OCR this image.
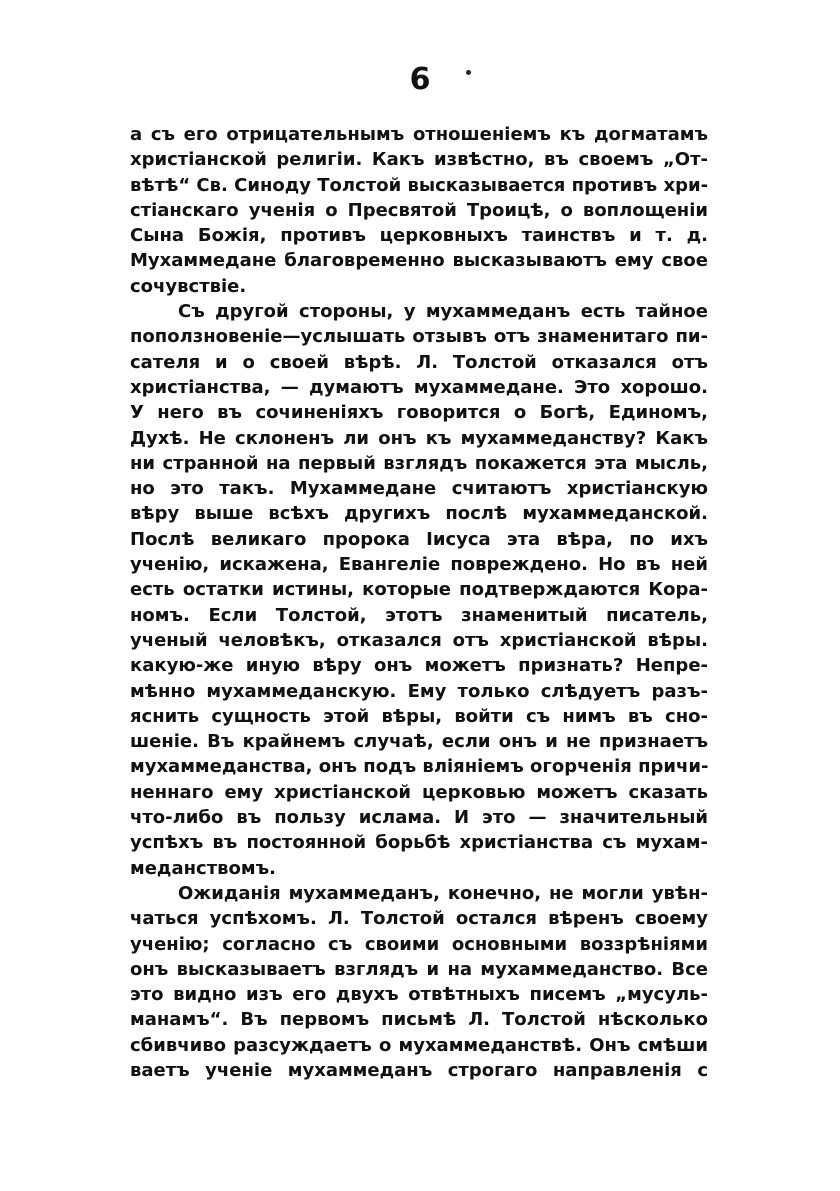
6
а съ его отрицательнымъ отношенiемъ къ догматамъ
христiанской религiи. Какъ извѣстно, въ своемъ „От-
вѣтѣ“ Св. Синоду Толстой высказывается противъ хри-
стiанскаго ученiя о Пресвятой Троицѣ, о воплощенiи
Сына Божiя, противъ церковныхъ таинствъ и т. д.
Мухаммедане благовременно высказываютъ ему свое
сочувствiе.
Съ другой стороны, у мухаммеданъ есть тайное
поползновенiе—услышать отзывъ отъ знаменитаго пи-
сателя и о своей вѣрѣ. Л. Толстой отказался отъ
христiанства, — думаютъ мухаммедане. Это хорошо.
У него въ сочиненiяхъ говорится о Богѣ, Единомъ,
Духѣ. Не склоненъ ли онъ къ мухаммеданству? Какъ
ни странной на первый взглядъ покажется эта мысль,
но это такъ. Мухаммедане считаютъ христiанскую
вѣру выше всѣхъ другихъ послѣ мухаммеданской.
Послѣ великаго пророка Iисуса эта вѣра, по ихъ
ученiю, искажена, Евангелiе повреждено. Но въ ней
есть остатки истины, которые подтверждаются Кора-
номъ. Если Толстой, этотъ знаменитый писатель,
ученый человѣкъ, отказался отъ христiанской вѣры.
какую-же иную вѣру онъ можетъ признать? Непре-
мѣнно мухаммеданскую. Ему только слѣдуетъ разъ-
яснить сущность этой вѣры, войти съ нимъ въ сно-
шенiе. Въ крайнемъ случаѣ, если онъ и не признаетъ
мухаммеданства, онъ подъ влiянiемъ огорченiя причи-
неннаго ему христiанской церковью можетъ сказать
что-либо въ пользу ислама. И это — значительный
успѣхъ въ постоянной борьбѣ христiанства съ мухам-
меданствомъ.
Ожиданiя мухаммеданъ, конечно, не могли увѣн-
чаться успѣхомъ. Л. Толстой остался вѣренъ своему
ученiю; согласно съ своими основными воззрѣнiями
онъ высказываетъ взглядъ и на мухаммеданство. Все
это видно изъ его двухъ отвѣтныхъ писемъ „мусуль-
манамъ“. Въ первомъ письмѣ Л. Толстой нѣсколько
сбивчиво разсуждаетъ о мухаммеданствѣ. Онъ смѣши
ваетъ ученiе мухаммеданъ строгаго направленiя с
